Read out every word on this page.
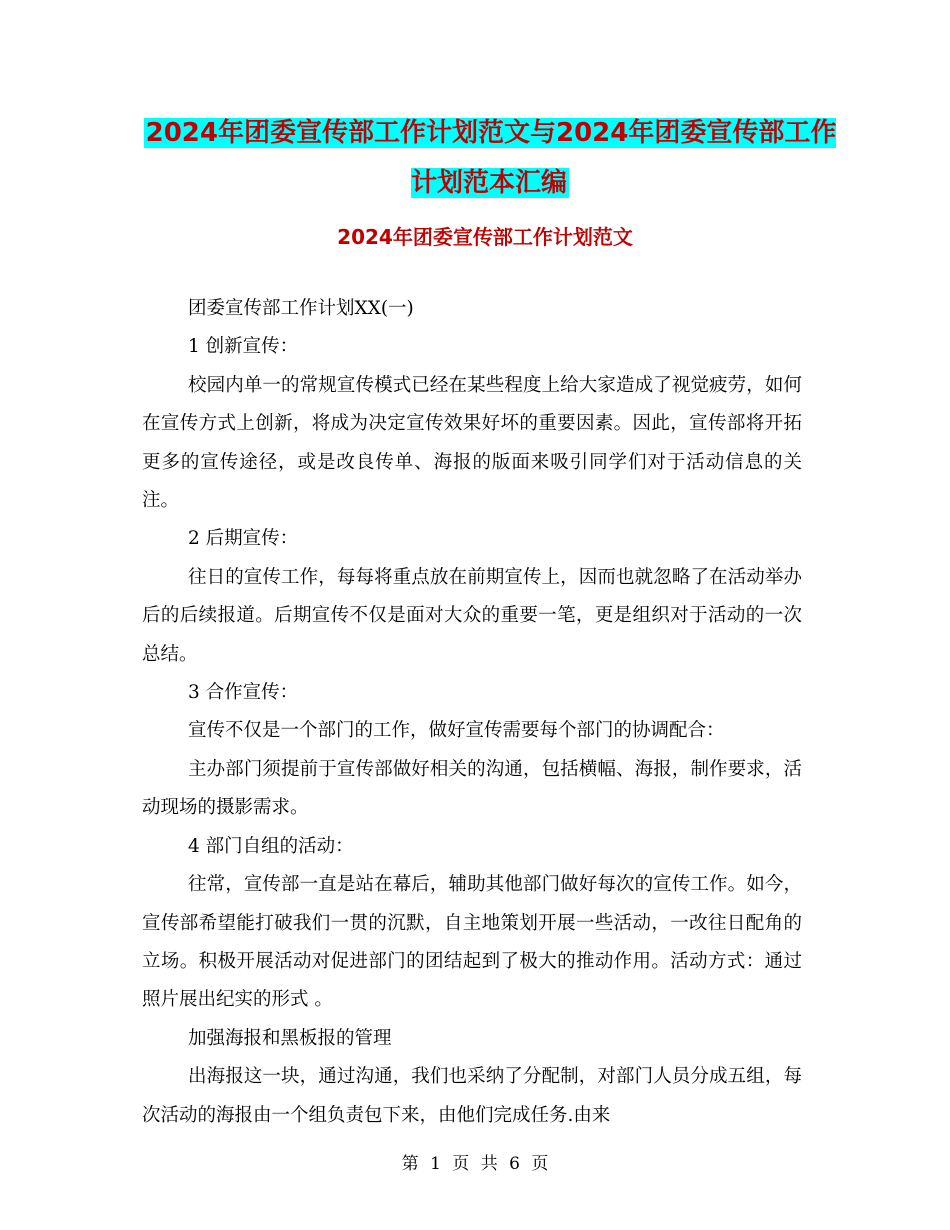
2024年团委宣传部工作计划范文与2024年团委宣传部工作计划范本汇编
2024年团委宣传部工作计划范文

团委宣传部工作计划XX(一)

1 创新宣传：

校园内单一的常规宣传模式已经在某些程度上给大家造成了视觉疲劳，如何在宣传方式上创新，将成为决定宣传效果好坏的重要因素。因此，宣传部将开拓更多的宣传途径，或是改良传单、海报的版面来吸引同学们对于活动信息的关注。

2 后期宣传：

往日的宣传工作，每每将重点放在前期宣传上，因而也就忽略了在活动举办后的后续报道。后期宣传不仅是面对大众的重要一笔，更是组织对于活动的一次总结。

3 合作宣传：

宣传不仅是一个部门的工作，做好宣传需要每个部门的协调配合：

主办部门须提前于宣传部做好相关的沟通，包括横幅、海报，制作要求，活动现场的摄影需求。

4 部门自组的活动：

往常，宣传部一直是站在幕后，辅助其他部门做好每次的宣传工作。如今，宣传部希望能打破我们一贯的沉默，自主地策划开展一些活动，一改往日配角的立场。积极开展活动对促进部门的团结起到了极大的推动作用。活动方式：通过照片展出纪实的形式 。

加强海报和黑板报的管理

出海报这一块，通过沟通，我们也采纳了分配制，对部门人员分成五组，每次活动的海报由一个组负责包下来，由他们完成任务.由来

第 1 页 共 6 页
